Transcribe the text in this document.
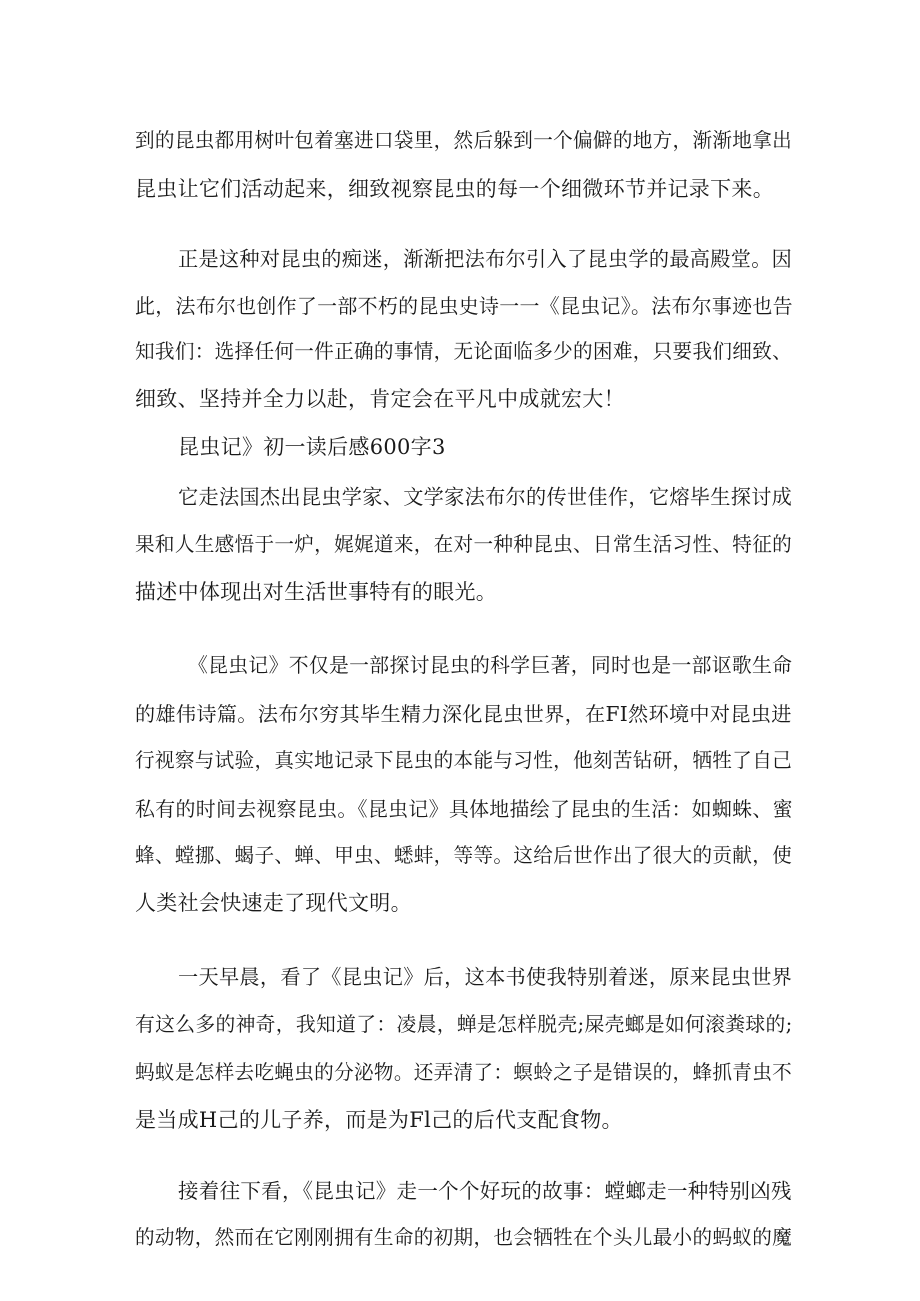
到的昆虫都用树叶包着塞进口袋里，然后躲到一个偏僻的地方，渐渐地拿出
昆虫让它们活动起来，细致视察昆虫的每一个细微环节并记录下来。
正是这种对昆虫的痴迷，渐渐把法布尔引入了昆虫学的最高殿堂。因
此，法布尔也创作了一部不朽的昆虫史诗一一《昆虫记》。法布尔事迹也告
知我们：选择任何一件正确的事情，无论面临多少的困难，只要我们细致、
细致、坚持并全力以赴，肯定会在平凡中成就宏大！
昆虫记》初一读后感600字3
它走法国杰出昆虫学家、文学家法布尔的传世佳作，它熔毕生探讨成
果和人生感悟于一炉，娓娓道来，在对一种种昆虫、日常生活习性、特征的
描述中体现出对生活世事特有的眼光。
《昆虫记》不仅是一部探讨昆虫的科学巨著，同时也是一部讴歌生命
的雄伟诗篇。法布尔穷其毕生精力深化昆虫世界，在FI然环境中对昆虫进
行视察与试验，真实地记录下昆虫的本能与习性，他刻苦钻研，牺牲了自己
私有的时间去视察昆虫。《昆虫记》具体地描绘了昆虫的生活：如蜘蛛、蜜
蜂、螳挪、蝎子、蝉、甲虫、蟋蚌，等等。这给后世作出了很大的贡献，使
人类社会快速走了现代文明。
一天早晨，看了《昆虫记》后，这本书使我特别着迷，原来昆虫世界
有这么多的神奇，我知道了：凌晨，蝉是怎样脱壳;屎壳螂是如何滚粪球的;
蚂蚁是怎样去吃蝇虫的分泌物。还弄清了：螟蛉之子是错误的，蜂抓青虫不
是当成H己的儿子养，而是为Fl己的后代支配食物。
接着往下看，《昆虫记》走一个个好玩的故事：螳螂走一种特别凶残
的动物，然而在它刚刚拥有生命的初期，也会牺牲在个头儿最小的蚂蚁的魔
